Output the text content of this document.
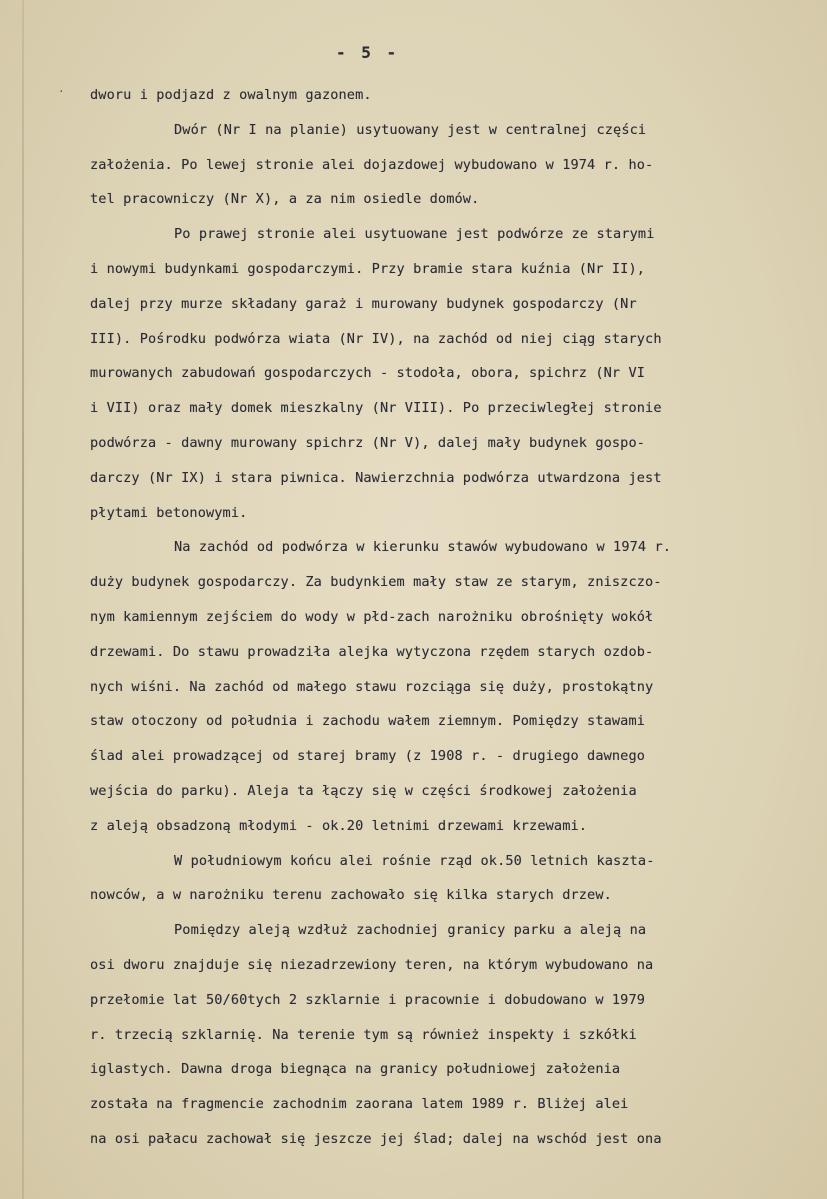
- 5 -
. dworu i podjazd z owalnym gazonem.
Dwór (Nr I na planie) usytuowany jest w centralnej części
założenia. Po lewej stronie alei dojazdowej wybudowano w 1974 r. ho-
tel pracowniczy (Nr X), a za nim osiedle domów.
Po prawej stronie alei usytuowane jest podwórze ze starymi
i nowymi budynkami gospodarczymi. Przy bramie stara kuźnia (Nr II),
dalej przy murze składany garaż i murowany budynek gospodarczy (Nr
III). Pośrodku podwórza wiata (Nr IV), na zachód od niej ciąg starych
murowanych zabudowań gospodarczych - stodoła, obora, spichrz (Nr VI
i VII) oraz mały domek mieszkalny (Nr VIII). Po przeciwległej stronie
podwórza - dawny murowany spichrz (Nr V), dalej mały budynek gospo-
darczy (Nr IX) i stara piwnica. Nawierzchnia podwórza utwardzona jest
płytami betonowymi.
Na zachód od podwórza w kierunku stawów wybudowano w 1974 r.
duży budynek gospodarczy. Za budynkiem mały staw ze starym, zniszczo-
nym kamiennym zejściem do wody w płd-zach narożniku obrośnięty wokół
drzewami. Do stawu prowadziła alejka wytyczona rzędem starych ozdob-
nych wiśni. Na zachód od małego stawu rozciąga się duży, prostokątny
staw otoczony od południa i zachodu wałem ziemnym. Pomiędzy stawami
ślad alei prowadzącej od starej bramy (z 1908 r. - drugiego dawnego
wejścia do parku). Aleja ta łączy się w części środkowej założenia
z aleją obsadzoną młodymi - ok.20 letnimi drzewami krzewami.
W południowym końcu alei rośnie rząd ok.50 letnich kaszta-
nowców, a w narożniku terenu zachowało się kilka starych drzew.
Pomiędzy aleją wzdłuż zachodniej granicy parku a aleją na
osi dworu znajduje się niezadrzewiony teren, na którym wybudowano na
przełomie lat 50/60tych 2 szklarnie i pracownie i dobudowano w 1979
r. trzecią szklarnię. Na terenie tym są również inspekty i szkółki
iglastych. Dawna droga biegnąca na granicy południowej założenia
została na fragmencie zachodnim zaorana latem 1989 r. Bliżej alei
na osi pałacu zachował się jeszcze jej ślad; dalej na wschód jest ona
